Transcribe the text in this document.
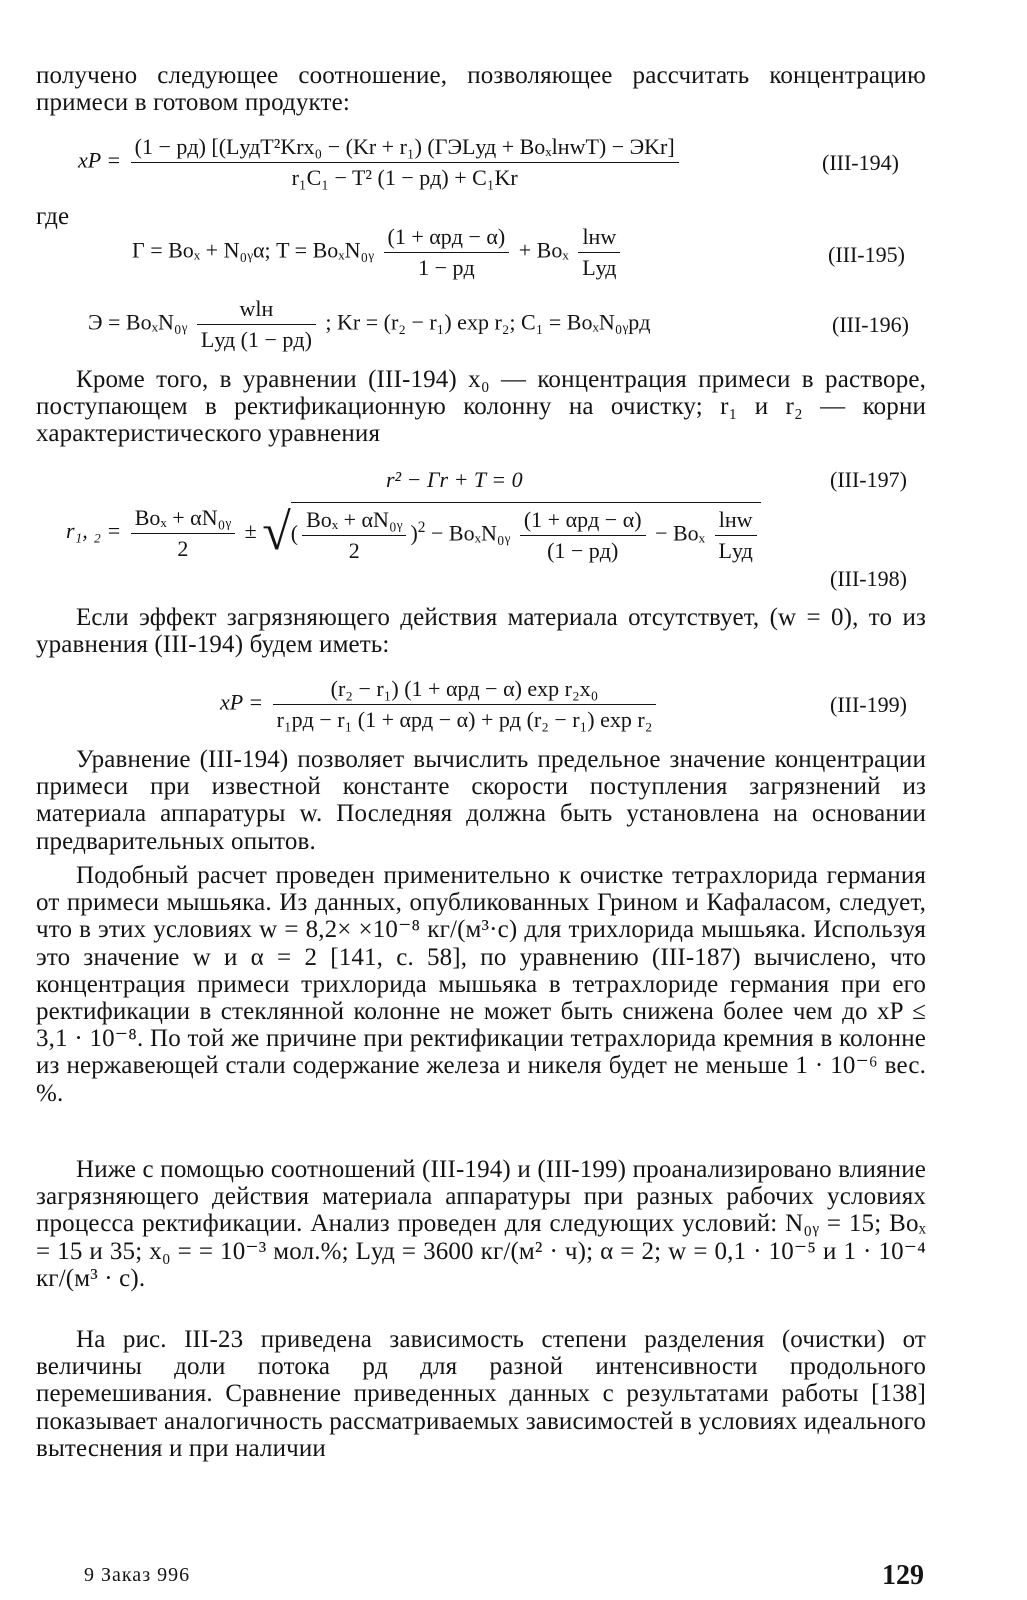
получено следующее соотношение, позволяющее рассчитать концентрацию примеси в готовом продукте:

xP = $\frac{\text{(1 − pд) [(LудT²Krx₀ − (Kr + r₁) (ГЭLуд + BoₓlнwT) − ЭKr]}}{\text{r₁C₁ − T² (1 − pд) + C₁Kr}}$	(III-194)

где

Г = Boₓ + N₀ᵧα; T = BoₓN₀ᵧ $\frac{\text{(1 + αpд − α)}}{1 - pд} + Bo_x \frac{\text{lнw}}{\text{Lуд}}$	(III-195)
Э = BoₓN₀ᵧ $\frac{\text{wlн}}{\text{Lуд (1 − pд)}}$ ; Kr = (r₂ − r₁) exp r₂; C₁ = BoₓN₀ᵧpд	(III-196)

Кроме того, в уравнении (III-194) x₀ — концентрация примеси в растворе, поступающем в ректификационную колонну на очистку; r₁ и r₂ — корни характеристического уравнения

r² − Гr + T = 0	(III-197)
r₁, $_2 = \frac{\text{Boₓ + αN₀ᵧ}}{2}$ ± √( $\frac{\text{Boₓ + αN₀ᵧ}}{2} )^2$ − BoₓN₀ᵧ $\frac{\text{(1 + αpд − α)}}{(1 - pд)} - Bo_x \frac{\text{lнw}}{\text{Lуд}}$
(III-198)

Если эффект загрязняющего действия материала отсутствует, (w = 0), то из уравнения (III-194) будем иметь:

xP = $\frac{\text{(r₂ − r₁) (1 + αpд − α) exp r₂x₀}}{\text{r₁pд − r₁ (1 + αpд − α) + pд (r₂ − r₁) exp r₂}}$	(III-199)

Уравнение (III-194) позволяет вычислить предельное значение концентрации примеси при известной константе скорости поступления загрязнений из материала аппаратуры w. Последняя должна быть установлена на основании предварительных опытов.

Подобный расчет проведен применительно к очистке тетрахлорида германия от примеси мышьяка. Из данных, опубликованных Грином и Кафаласом, следует, что в этих условиях w = 8,2× ×10⁻⁸ кг/(м³·с) для трихлорида мышьяка. Используя это значение w и α = 2 [141, с. 58], по уравнению (III-187) вычислено, что концентрация примеси трихлорида мышьяка в тетрахлориде германия при его ректификации в стеклянной колонне не может быть снижена более чем до xP ≤ 3,1 · 10⁻⁸. По той же причине при ректификации тетрахлорида кремния в колонне из нержавеющей стали содержание железа и никеля будет не меньше 1 · 10⁻⁶ вес. %.

Ниже с помощью соотношений (III-194) и (III-199) проанализировано влияние загрязняющего действия материала аппаратуры при разных рабочих условиях процесса ректификации. Анализ проведен для следующих условий: N₀ᵧ = 15; Boₓ = 15 и 35; x₀ = = 10⁻³ мол.%; Lуд = 3600 кг/(м² · ч); α = 2; w = 0,1 · 10⁻⁵ и 1 · 10⁻⁴ кг/(м³ · с).

На рис. III-23 приведена зависимость степени разделения (очистки) от величины доли потока pд для разной интенсивности продольного перемешивания. Сравнение приведенных данных с результатами работы [138] показывает аналогичность рассматриваемых зависимостей в условиях идеального вытеснения и при наличии

9 Заказ 996	129
